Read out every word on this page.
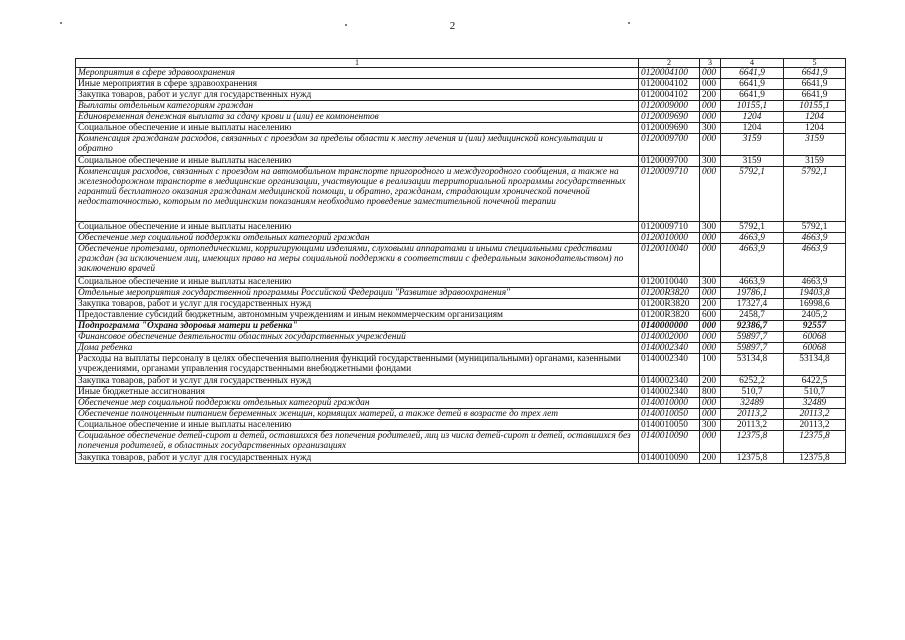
2
1	2	3	4	5
Мероприятия в сфере здравоохранения	0120004100	000	6641,9	6641,9
Иные мероприятия в сфере здравоохранения	0120004102	000	6641,9	6641,9
Закупка товаров, работ и услуг для государственных нужд	0120004102	200	6641,9	6641,9
Выплаты отдельным категориям граждан	0120009000	000	10155,1	10155,1
Единовременная денежная выплата за сдачу крови и (или) ее компонентов	0120009690	000	1204	1204
Социальное обеспечение и иные выплаты населению	0120009690	300	1204	1204
Компенсация гражданам расходов, связанных с проездом за пределы области к месту лечения и (или) медицинской консультации и обратно	0120009700	000	3159	3159
Социальное обеспечение и иные выплаты населению	0120009700	300	3159	3159
Компенсация расходов, связанных с проездом на автомобильном транспорте пригородного и междугородного сообщения, а также на железнодорожном транспорте в медицинские организации, участвующие в реализации территориальной программы государственных гарантий бесплатного оказания гражданам медицинской помощи, и обратно, гражданам, страдающим хронической почечной недостаточностью, которым по медицинским показаниям необходимо проведение заместительной почечной терапии	0120009710	000	5792,1	5792,1
Социальное обеспечение и иные выплаты населению	0120009710	300	5792,1	5792,1
Обеспечение мер социальной поддержки отдельных категорий граждан	0120010000	000	4663,9	4663,9
Обеспечение протезами, ортопедическими, корригирующими изделиями, слуховыми аппаратами и иными специальными средствами граждан (за исключением лиц, имеющих право на меры социальной поддержки в соответствии с федеральным законодательством) по заключению врачей	0120010040	000	4663,9	4663,9
Социальное обеспечение и иные выплаты населению	0120010040	300	4663,9	4663,9
Отдельные мероприятия государственной программы Российской Федерации "Развитие здравоохранения"	01200R3820	000	19786,1	19403,8
Закупка товаров, работ и услуг для государственных нужд	01200R3820	200	17327,4	16998,6
Предоставление субсидий бюджетным, автономным учреждениям и иным некоммерческим организациям	01200R3820	600	2458,7	2405,2
Подпрограмма "Охрана здоровья матери и ребенка"	0140000000	000	92386,7	92557
Финансовое обеспечение деятельности областных государственных учреждений	0140002000	000	59897,7	60068
Дома ребенка	0140002340	000	59897,7	60068
Расходы на выплаты персоналу в целях обеспечения выполнения функций государственными (муниципальными) органами, казенными учреждениями, органами управления государственными внебюджетными фондами	0140002340	100	53134,8	53134,8
Закупка товаров, работ и услуг для государственных нужд	0140002340	200	6252,2	6422,5
Иные бюджетные ассигнования	0140002340	800	510,7	510,7
Обеспечение мер социальной поддержки отдельных категорий граждан	0140010000	000	32489	32489
Обеспечение полноценным питанием беременных женщин, кормящих матерей, а также детей в возрасте до трех лет	0140010050	000	20113,2	20113,2
Социальное обеспечение и иные выплаты населению	0140010050	300	20113,2	20113,2
Социальное обеспечение детей-сирот и детей, оставшихся без попечения родителей, лиц из числа детей-сирот и детей, оставшихся без попечения родителей, в областных государственных организациях	0140010090	000	12375,8	12375,8
Закупка товаров, работ и услуг для государственных нужд	0140010090	200	12375,8	12375,8
